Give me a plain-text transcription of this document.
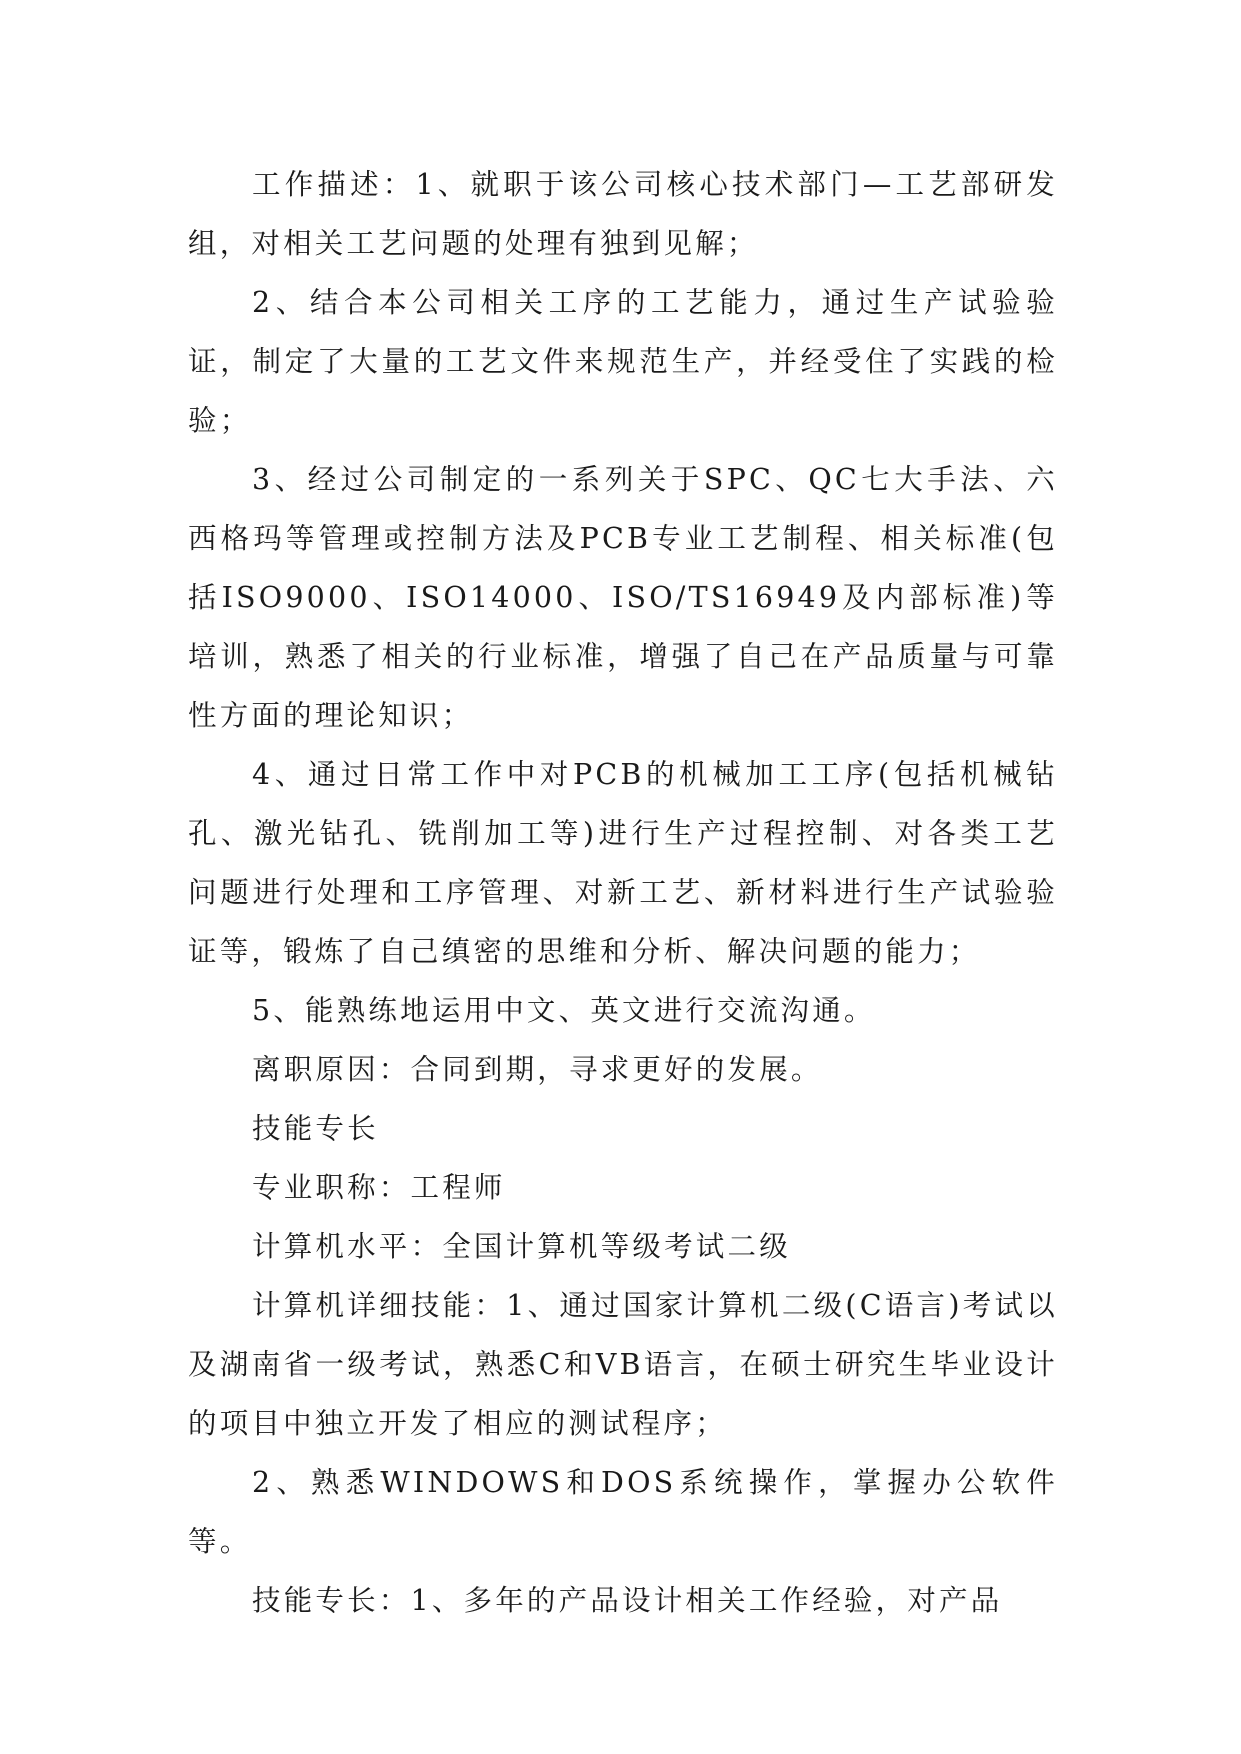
工作描述：1、就职于该公司核心技术部门—工艺部研发组，对相关工艺问题的处理有独到见解；

2、结合本公司相关工序的工艺能力，通过生产试验验证，制定了大量的工艺文件来规范生产，并经受住了实践的检验；

3、经过公司制定的一系列关于SPC、QC七大手法、六西格玛等管理或控制方法及PCB专业工艺制程、相关标准(包括ISO9000、ISO14000、ISO/TS16949及内部标准)等培训，熟悉了相关的行业标准，增强了自己在产品质量与可靠性方面的理论知识；

4、通过日常工作中对PCB的机械加工工序(包括机械钻孔、激光钻孔、铣削加工等)进行生产过程控制、对各类工艺问题进行处理和工序管理、对新工艺、新材料进行生产试验验证等，锻炼了自己缜密的思维和分析、解决问题的能力；

5、能熟练地运用中文、英文进行交流沟通。

离职原因：合同到期，寻求更好的发展。

技能专长

专业职称：工程师

计算机水平：全国计算机等级考试二级

计算机详细技能：1、通过国家计算机二级(C语言)考试以及湖南省一级考试，熟悉C和VB语言，在硕士研究生毕业设计的项目中独立开发了相应的测试程序；

2、熟悉WINDOWS和DOS系统操作，掌握办公软件等。

技能专长：1、多年的产品设计相关工作经验，对产品
